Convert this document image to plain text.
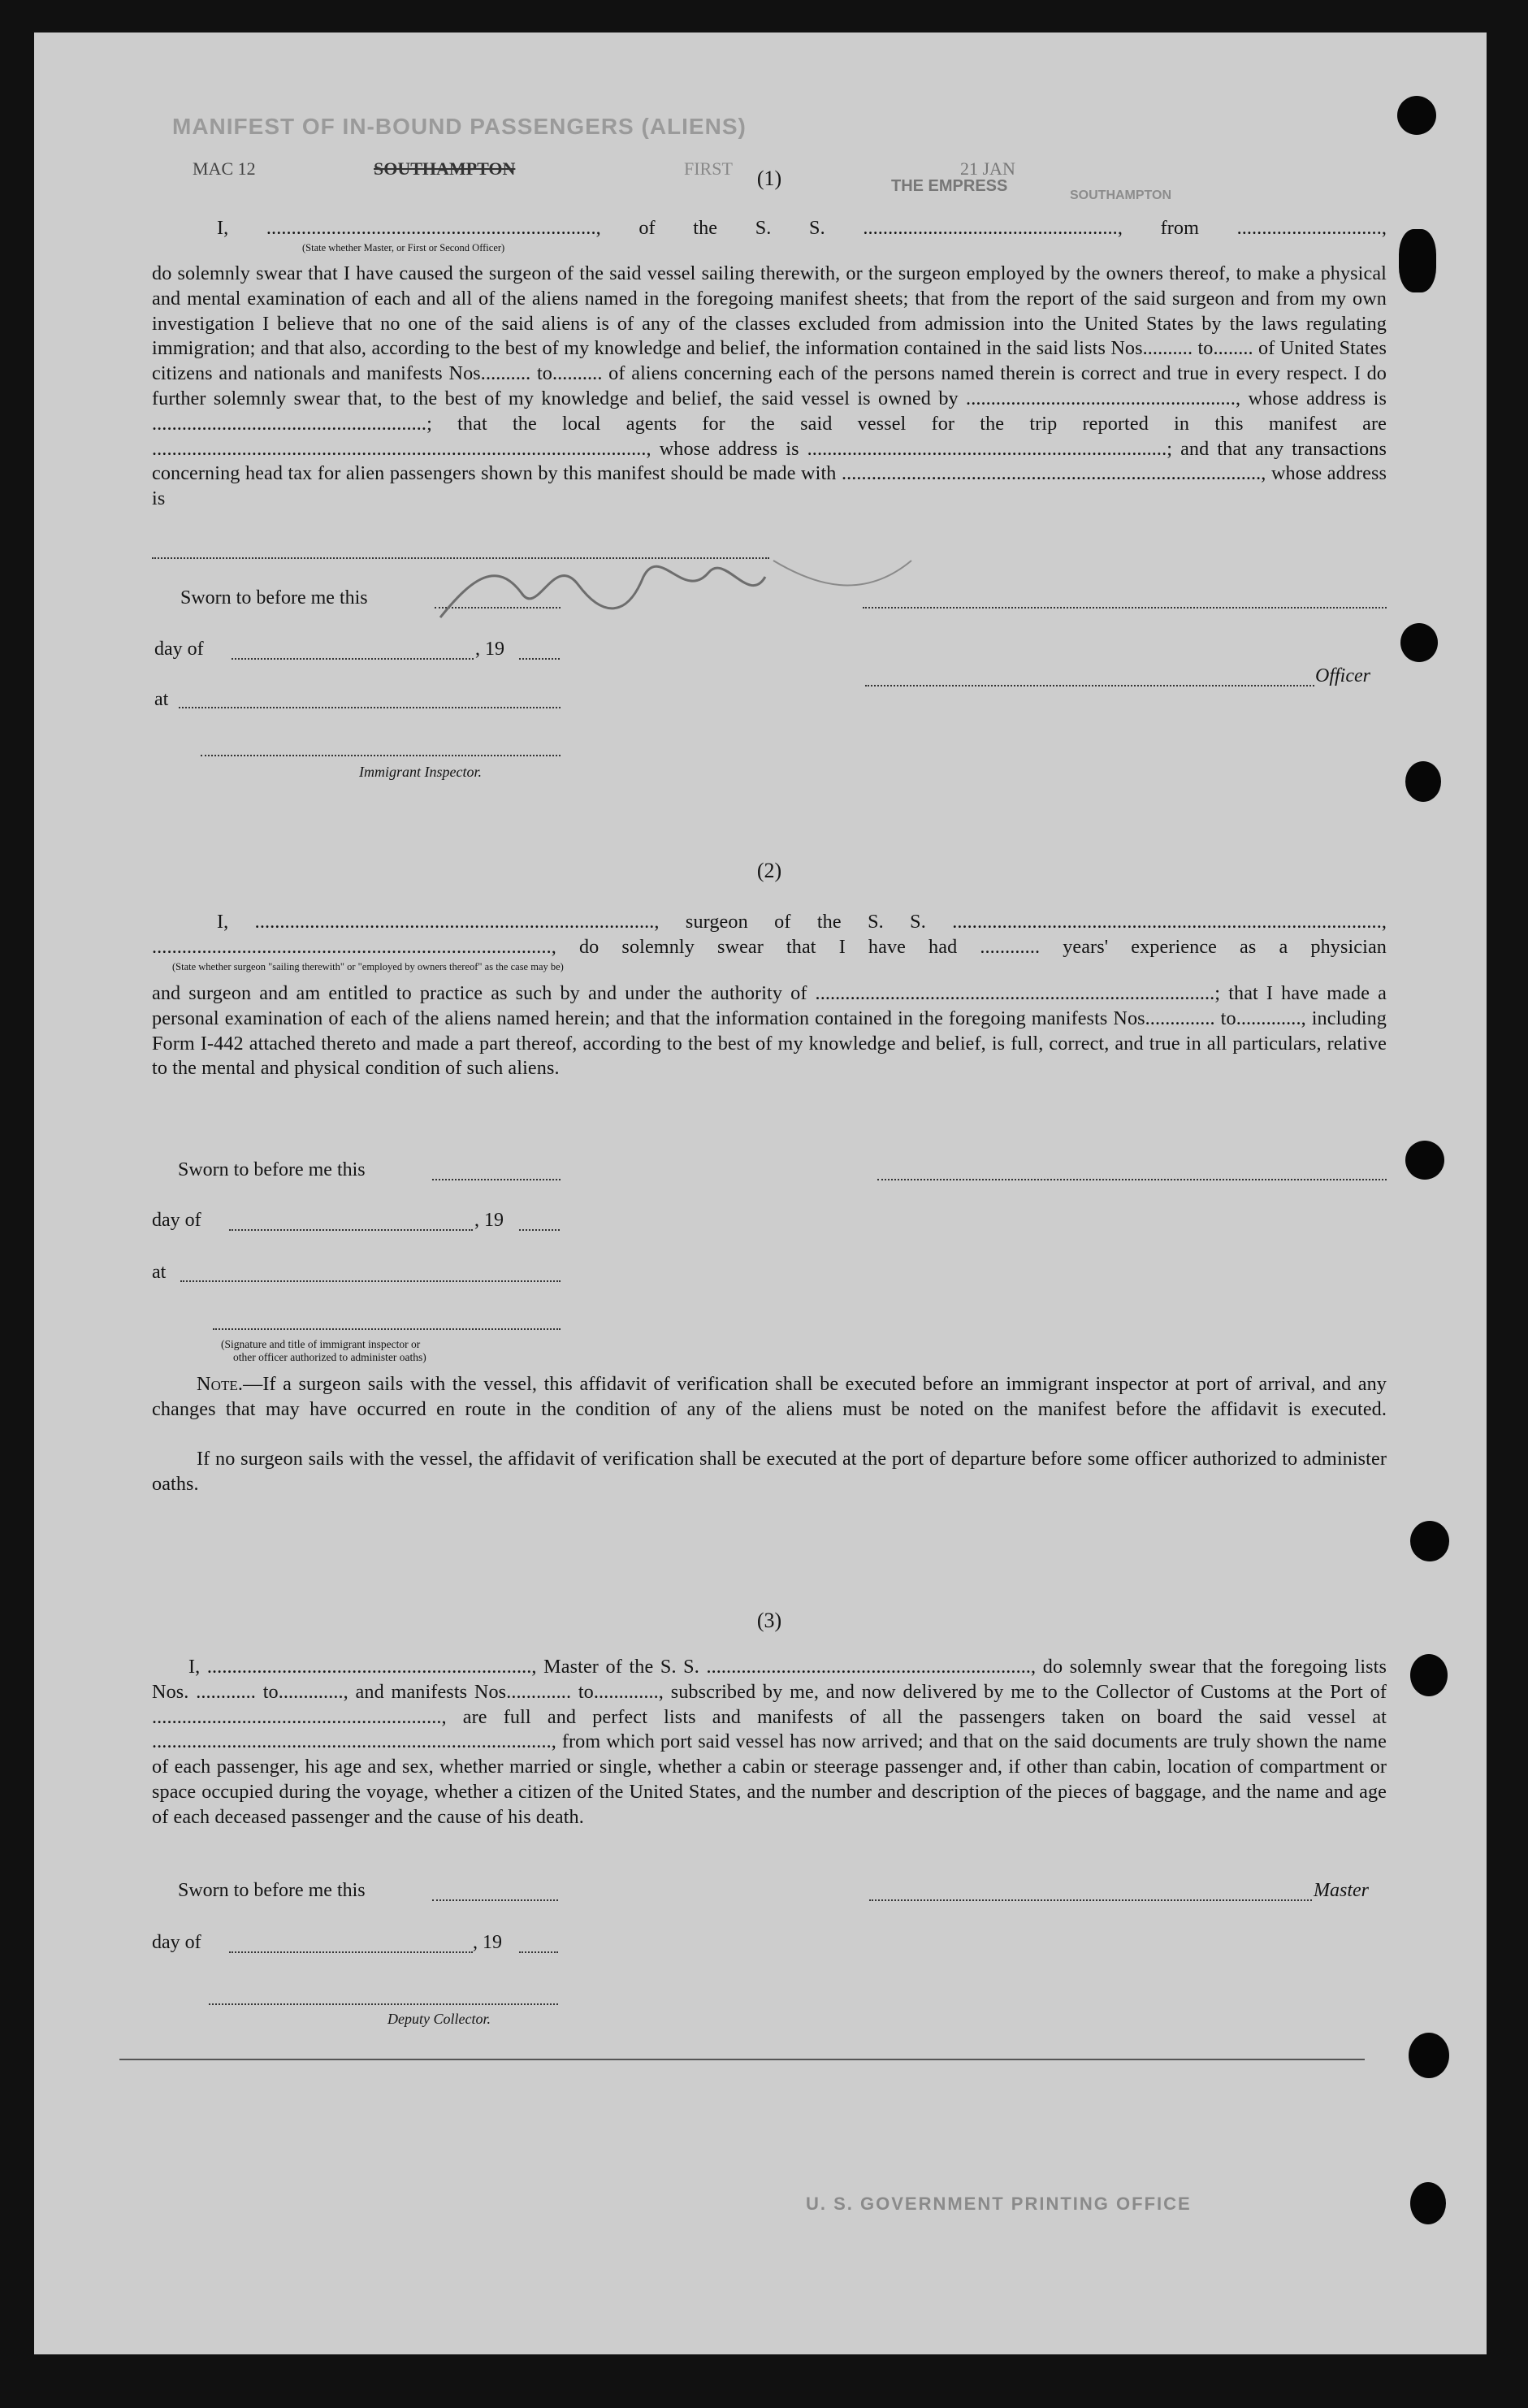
MANIFEST OF IN-BOUND PASSENGERS (ALIENS)
MAC 12	SOUTHAMPTON	FIRST	21 JAN
THE EMPRESS
SOUTHAMPTON
(1)

I, .................................................................., of the S. S. ..................................................., from .............................,

(State whether Master, or First or Second Officer)

do solemnly swear that I have caused the surgeon of the said vessel sailing therewith, or the surgeon employed by the owners thereof, to make a physical and mental examination of each and all of the aliens named in the foregoing manifest sheets; that from the report of the said surgeon and from my own investigation I believe that no one of the said aliens is of any of the classes excluded from admission into the United States by the laws regulating immigration; and that also, according to the best of my knowledge and belief, the information contained in the said lists Nos.......... to........ of United States citizens and nationals and manifests Nos.......... to.......... of aliens concerning each of the persons named therein is correct and true in every respect. I do further solemnly swear that, to the best of my knowledge and belief, the said vessel is owned by ......................................................, whose address is .......................................................; that the local agents for the said vessel for the trip reported in this manifest are ..................................................................................................., whose address is ........................................................................; and that any transactions concerning head tax for alien passengers shown by this manifest should be made with ...................................................................................., whose address is

Sworn to before me this
day of	, 19
Officer
at
Immigrant Inspector.
(2)

I, ................................................................................, surgeon of the S. S. ......................................................................................,

................................................................................, do solemnly swear that I have had ............ years' experience as a physician

(State whether surgeon "sailing therewith" or "employed by owners thereof" as the case may be)

and surgeon and am entitled to practice as such by and under the authority of ................................................................................; that I have made a personal examination of each of the aliens named herein; and that the information contained in the foregoing manifests Nos.............. to............., including Form I-442 attached thereto and made a part thereof, according to the best of my knowledge and belief, is full, correct, and true in all particulars, relative to the mental and physical condition of such aliens.

Sworn to before me this
day of	, 19
at
(Signature and title of immigrant inspector or
other officer authorized to administer oaths)

Note.—If a surgeon sails with the vessel, this affidavit of verification shall be executed before an immigrant inspector at port of arrival, and any changes that may have occurred en route in the condition of any of the aliens must be noted on the manifest before the affidavit is executed.

If no surgeon sails with the vessel, the affidavit of verification shall be executed at the port of departure before some officer authorized to administer oaths.

(3)

I, ................................................................., Master of the S. S. ................................................................., do solemnly swear that the foregoing lists Nos. ............ to............., and manifests Nos............. to............., subscribed by me, and now delivered by me to the Collector of Customs at the Port of .........................................................., are full and perfect lists and manifests of all the passengers taken on board the said vessel at ................................................................................, from which port said vessel has now arrived; and that on the said documents are truly shown the name of each passenger, his age and sex, whether married or single, whether a cabin or steerage passenger and, if other than cabin, location of compartment or space occupied during the voyage, whether a citizen of the United States, and the number and description of the pieces of baggage, and the name and age of each deceased passenger and the cause of his death.

Sworn to before me this	Master
day of	, 19
Deputy Collector.
U. S. GOVERNMENT PRINTING OFFICE
